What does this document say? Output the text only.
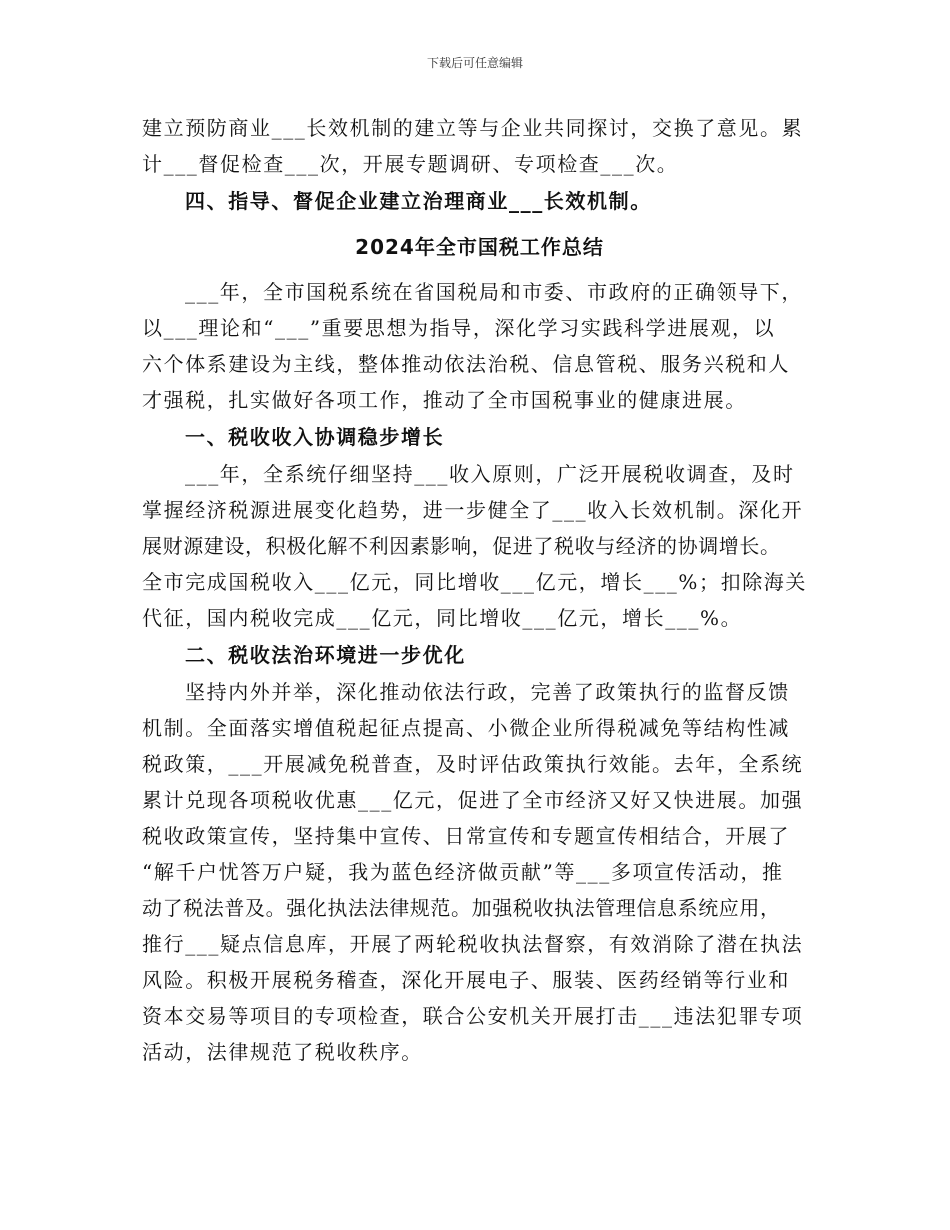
下载后可任意编辑
建立预防商业___长效机制的建立等与企业共同探讨，交换了意见。累
计___督促检查___次，开展专题调研、专项检查___次。
四、指导、督促企业建立治理商业___长效机制。
2024年全市国税工作总结
___年，全市国税系统在省国税局和市委、市政府的正确领导下，
以___理论和“___”重要思想为指导，深化学习实践科学进展观，以
六个体系建设为主线，整体推动依法治税、信息管税、服务兴税和人
才强税，扎实做好各项工作，推动了全市国税事业的健康进展。
一、税收收入协调稳步增长
___年，全系统仔细坚持___收入原则，广泛开展税收调查，及时
掌握经济税源进展变化趋势，进一步健全了___收入长效机制。深化开
展财源建设，积极化解不利因素影响，促进了税收与经济的协调增长。
全市完成国税收入___亿元，同比增收___亿元，增长___%；扣除海关
代征，国内税收完成___亿元，同比增收___亿元，增长___%。
二、税收法治环境进一步优化
坚持内外并举，深化推动依法行政，完善了政策执行的监督反馈
机制。全面落实增值税起征点提高、小微企业所得税减免等结构性减
税政策，___开展减免税普查，及时评估政策执行效能。去年，全系统
累计兑现各项税收优惠___亿元，促进了全市经济又好又快进展。加强
税收政策宣传，坚持集中宣传、日常宣传和专题宣传相结合，开展了
“解千户忧答万户疑，我为蓝色经济做贡献”等___多项宣传活动，推
动了税法普及。强化执法法律规范。加强税收执法管理信息系统应用，
推行___疑点信息库，开展了两轮税收执法督察，有效消除了潜在执法
风险。积极开展税务稽查，深化开展电子、服装、医药经销等行业和
资本交易等项目的专项检查，联合公安机关开展打击___违法犯罪专项
活动，法律规范了税收秩序。
